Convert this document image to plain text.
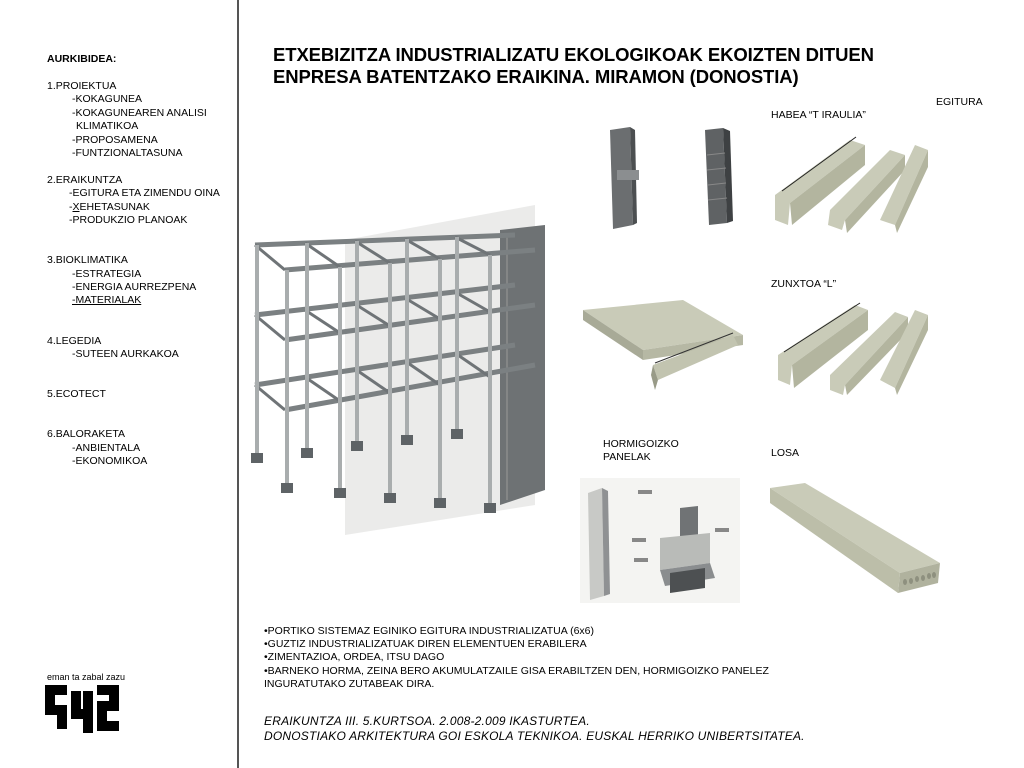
AURKIBIDEA:
1.PROIEKTUA
-KOKAGUNEA
-KOKAGUNEAREN ANALISI
KLIMATIKOA
-PROPOSAMENA
-FUNTZIONALTASUNA
2.ERAIKUNTZA
-EGITURA ETA ZIMENDU OINA
-XEHETASUNAK
-PRODUKZIO PLANOAK
3.BIOKLIMATIKA
-ESTRATEGIA
-ENERGIA AURREZPENA
-MATERIALAK
4.LEGEDIA
-SUTEEN AURKAKOA
5.ECOTECT
6.BALORAKETA
-ANBIENTALA
-EKONOMIKOA
eman ta zabal zazu
ETXEBIZITZA INDUSTRIALIZATU EKOLOGIKOAK EKOIZTEN DITUEN
ENPRESA BATENTZAKO ERAIKINA. MIRAMON (DONOSTIA)
EGITURA
HABEA “T IRAULIA”
ZUNXTOA “L”
HORMIGOIZKO
PANELAK	LOSA
•PORTIKO SISTEMAZ EGINIKO EGITURA INDUSTRIALIZATUA (6x6)
•GUZTIZ INDUSTRIALIZATUAK DIREN ELEMENTUEN ERABILERA
•ZIMENTAZIOA, ORDEA, ITSU DAGO
•BARNEKO HORMA, ZEINA BERO AKUMULATZAILE GISA ERABILTZEN DEN, HORMIGOIZKO PANELEZ
INGURATUTAKO ZUTABEAK DIRA.
ERAIKUNTZA III. 5.KURTSOA. 2.008-2.009 IKASTURTEA.
DONOSTIAKO ARKITEKTURA GOI ESKOLA TEKNIKOA. EUSKAL HERRIKO UNIBERTSITATEA.
